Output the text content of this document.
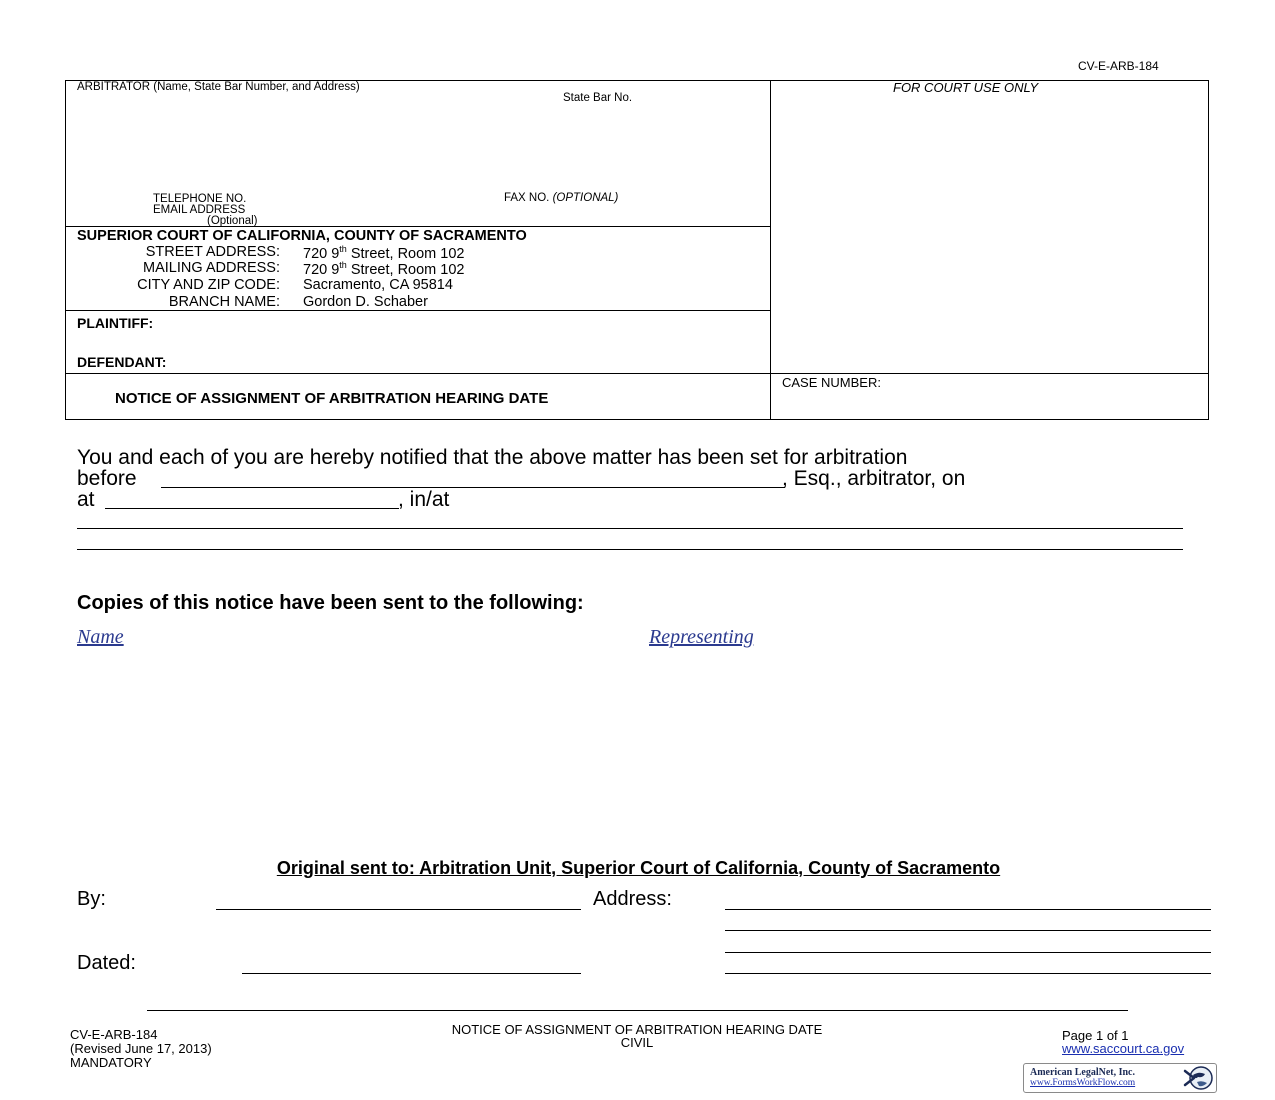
CV-E-ARB-184
ARBITRATOR (Name, State Bar Number, and Address)
State Bar No.
TELEPHONE NO.
EMAIL ADDRESS
(Optional)
FAX NO. (OPTIONAL)
FOR COURT USE ONLY
SUPERIOR COURT OF CALIFORNIA, COUNTY OF SACRAMENTO
STREET ADDRESS: 720 9th Street, Room 102
MAILING ADDRESS: 720 9th Street, Room 102
CITY AND ZIP CODE: Sacramento, CA 95814
BRANCH NAME: Gordon D. Schaber
PLAINTIFF:
DEFENDANT:
NOTICE OF ASSIGNMENT OF ARBITRATION HEARING DATE
CASE NUMBER:
You and each of you are hereby notified that the above matter has been set for arbitration
before	, Esq., arbitrator, on
at	, in/at
Copies of this notice have been sent to the following:
Name	Representing
Original sent to: Arbitration Unit, Superior Court of California, County of Sacramento
By:	Address:
Dated:
CV-E-ARB-184
(Revised June 17, 2013)
MANDATORY
NOTICE OF ASSIGNMENT OF ARBITRATION HEARING DATE
CIVIL	Page 1 of 1
www.saccourt.ca.gov
American LegalNet, Inc.
www.FormsWorkFlow.com
